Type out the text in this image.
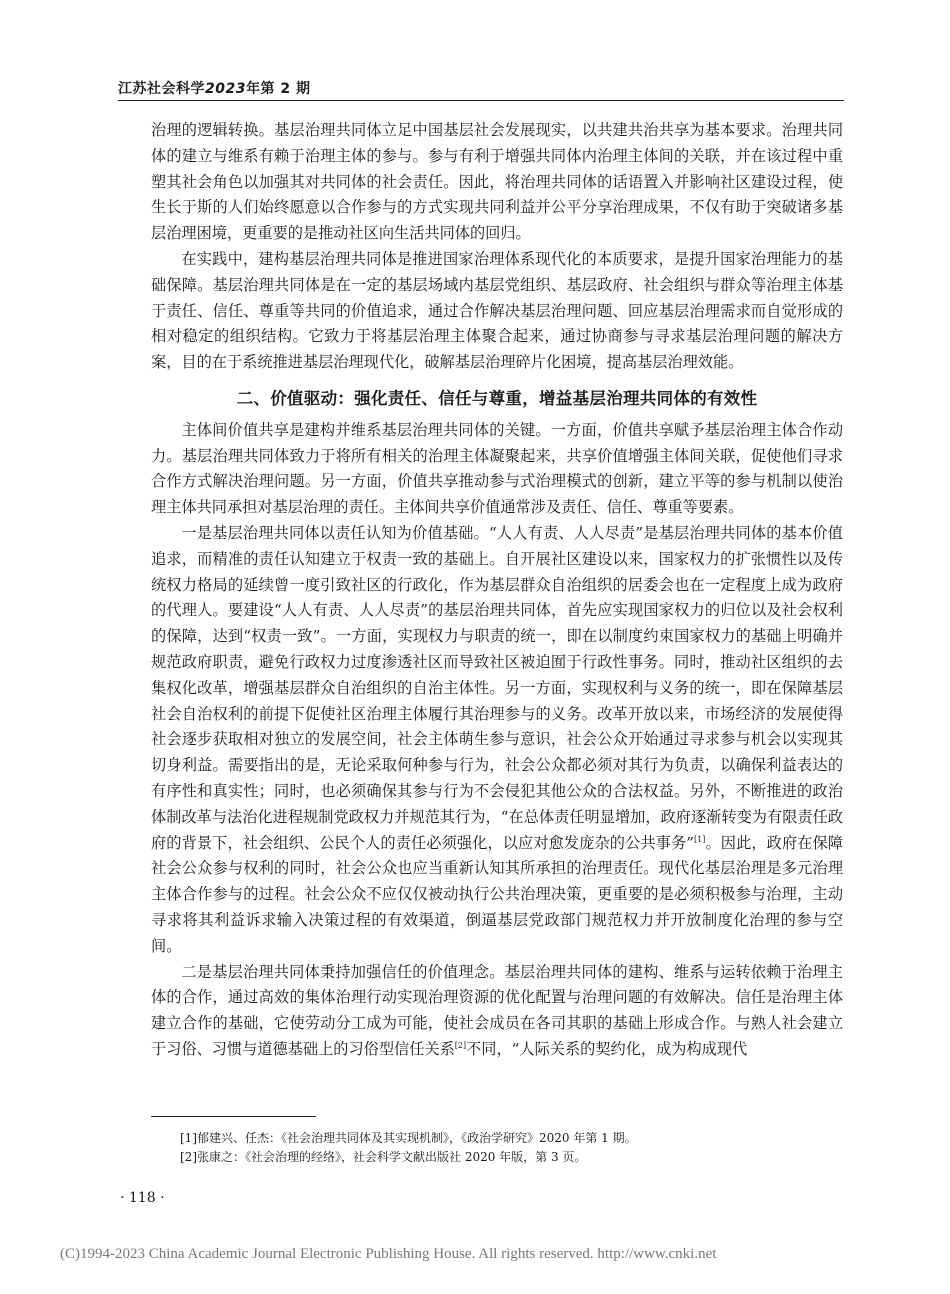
江苏社会科学2023年第 2 期

治理的逻辑转换。基层治理共同体立足中国基层社会发展现实，以共建共治共享为基本要求。治理共同体的建立与维系有赖于治理主体的参与。参与有利于增强共同体内治理主体间的关联，并在该过程中重塑其社会角色以加强其对共同体的社会责任。因此，将治理共同体的话语置入并影响社区建设过程，使生长于斯的人们始终愿意以合作参与的方式实现共同利益并公平分享治理成果，不仅有助于突破诸多基层治理困境，更重要的是推动社区向生活共同体的回归。

在实践中，建构基层治理共同体是推进国家治理体系现代化的本质要求，是提升国家治理能力的基础保障。基层治理共同体是在一定的基层场域内基层党组织、基层政府、社会组织与群众等治理主体基于责任、信任、尊重等共同的价值追求，通过合作解决基层治理问题、回应基层治理需求而自觉形成的相对稳定的组织结构。它致力于将基层治理主体聚合起来，通过协商参与寻求基层治理问题的解决方案，目的在于系统推进基层治理现代化，破解基层治理碎片化困境，提高基层治理效能。

二、价值驱动：强化责任、信任与尊重，增益基层治理共同体的有效性

主体间价值共享是建构并维系基层治理共同体的关键。一方面，价值共享赋予基层治理主体合作动力。基层治理共同体致力于将所有相关的治理主体凝聚起来，共享价值增强主体间关联，促使他们寻求合作方式解决治理问题。另一方面，价值共享推动参与式治理模式的创新，建立平等的参与机制以使治理主体共同承担对基层治理的责任。主体间共享价值通常涉及责任、信任、尊重等要素。

一是基层治理共同体以责任认知为价值基础。“人人有责、人人尽责”是基层治理共同体的基本价值追求，而精准的责任认知建立于权责一致的基础上。自开展社区建设以来，国家权力的扩张惯性以及传统权力格局的延续曾一度引致社区的行政化，作为基层群众自治组织的居委会也在一定程度上成为政府的代理人。要建设“人人有责、人人尽责”的基层治理共同体，首先应实现国家权力的归位以及社会权利的保障，达到“权责一致”。一方面，实现权力与职责的统一，即在以制度约束国家权力的基础上明确并规范政府职责，避免行政权力过度渗透社区而导致社区被迫囿于行政性事务。同时，推动社区组织的去集权化改革，增强基层群众自治组织的自治主体性。另一方面，实现权利与义务的统一，即在保障基层社会自治权利的前提下促使社区治理主体履行其治理参与的义务。改革开放以来，市场经济的发展使得社会逐步获取相对独立的发展空间，社会主体萌生参与意识，社会公众开始通过寻求参与机会以实现其切身利益。需要指出的是，无论采取何种参与行为，社会公众都必须对其行为负责，以确保利益表达的有序性和真实性；同时，也必须确保其参与行为不会侵犯其他公众的合法权益。另外，不断推进的政治体制改革与法治化进程规制党政权力并规范其行为，“在总体责任明显增加，政府逐渐转变为有限责任政府的背景下，社会组织、公民个人的责任必须强化，以应对愈发庞杂的公共事务”[1]。因此，政府在保障社会公众参与权利的同时，社会公众也应当重新认知其所承担的治理责任。现代化基层治理是多元治理主体合作参与的过程。社会公众不应仅仅被动执行公共治理决策，更重要的是必须积极参与治理，主动寻求将其利益诉求输入决策过程的有效渠道，倒逼基层党政部门规范权力并开放制度化治理的参与空间。

二是基层治理共同体秉持加强信任的价值理念。基层治理共同体的建构、维系与运转依赖于治理主体的合作，通过高效的集体治理行动实现治理资源的优化配置与治理问题的有效解决。信任是治理主体建立合作的基础，它使劳动分工成为可能，使社会成员在各司其职的基础上形成合作。与熟人社会建立于习俗、习惯与道德基础上的习俗型信任关系[2]不同，“人际关系的契约化，成为构成现代

[1]郁建兴、任杰：《社会治理共同体及其实现机制》，《政治学研究》2020 年第 1 期。
[2]张康之：《社会治理的经络》，社会科学文献出版社 2020 年版，第 3 页。
· 118 ·
(C)1994-2023 China Academic Journal Electronic Publishing House. All rights reserved. http://www.cnki.net
